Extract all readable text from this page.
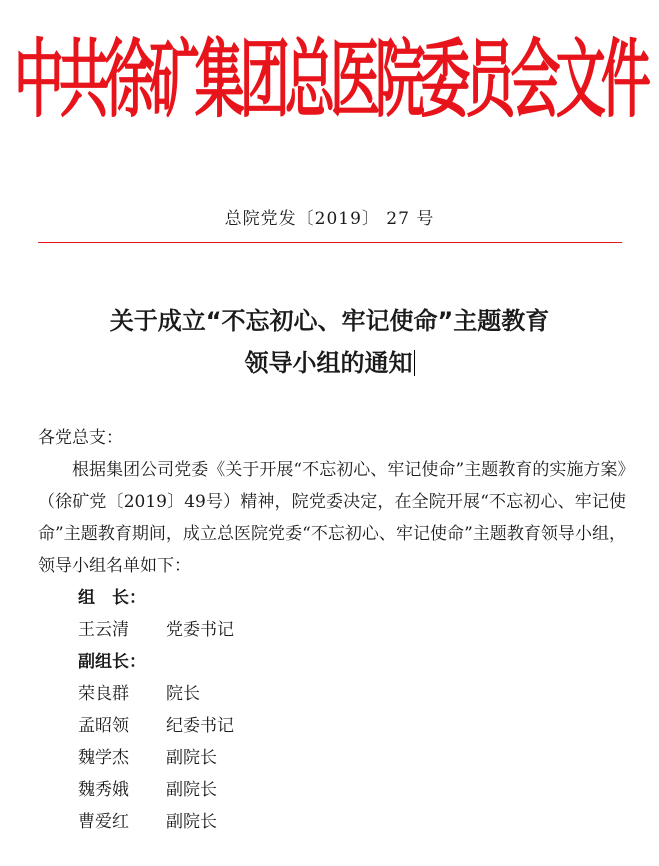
中
共
徐
矿
集
团
总
医
院
委
员
会
文
件
总院党发〔2019〕 27 号
关于成立“不忘初心、牢记使命”主题教育
领导小组的通知

各党总支：

根据集团公司党委《关于开展“不忘初心、牢记使命”主题教育的实施方案》（徐矿党〔2019〕49号）精神，院党委决定，在全院开展“不忘初心、牢记使命”主题教育期间，成立总医院党委“不忘初心、牢记使命”主题教育领导小组，领导小组名单如下：

组　长：
王云清 党委书记
副组长：
荣良群 院长
孟昭领 纪委书记
魏学杰 副院长
魏秀娥 副院长
曹爱红 副院长
